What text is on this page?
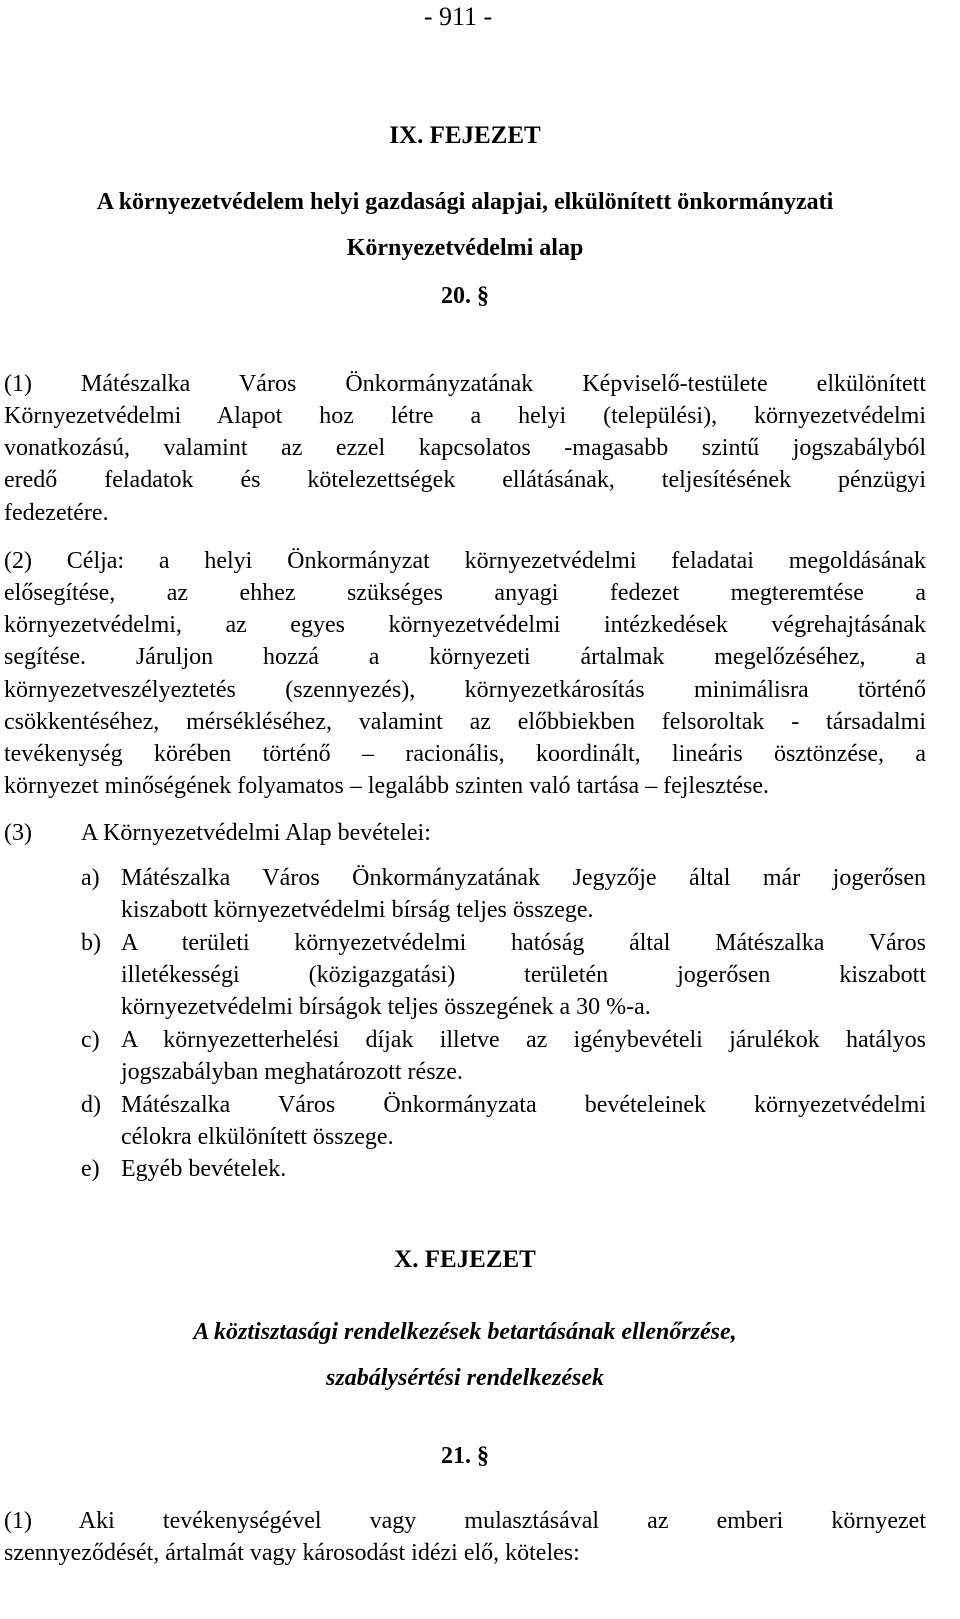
- 911 -
IX. FEJEZET
A környezetvédelem helyi gazdasági alapjai, elkülönített önkormányzati
Környezetvédelmi alap
20. §
(1) Mátészalka Város Önkormányzatának Képviselő-testülete elkülönített
Környezetvédelmi Alapot hoz létre a helyi (települési), környezetvédelmi
vonatkozású, valamint az ezzel kapcsolatos -magasabb szintű jogszabályból
eredő feladatok és kötelezettségek ellátásának, teljesítésének pénzügyi
fedezetére.
(2) Célja: a helyi Önkormányzat környezetvédelmi feladatai megoldásának
elősegítése, az ehhez szükséges anyagi fedezet megteremtése a
környezetvédelmi, az egyes környezetvédelmi intézkedések végrehajtásának
segítése. Járuljon hozzá a környezeti ártalmak megelőzéséhez, a
környezetveszélyeztetés (szennyezés), környezetkárosítás minimálisra történő
csökkentéséhez, mérsékléséhez, valamint az előbbiekben felsoroltak - társadalmi
tevékenység körében történő – racionális, koordinált, lineáris ösztönzése, a
környezet minőségének folyamatos – legalább szinten való tartása – fejlesztése.
(3) A Környezetvédelmi Alap bevételei:
a) Mátészalka Város Önkormányzatának Jegyzője által már jogerősen
kiszabott környezetvédelmi bírság teljes összege.
b) A területi környezetvédelmi hatóság által Mátészalka Város
illetékességi (közigazgatási) területén jogerősen kiszabott
környezetvédelmi bírságok teljes összegének a 30 %-a.
c) A környezetterhelési díjak illetve az igénybevételi járulékok hatályos
jogszabályban meghatározott része.
d) Mátészalka Város Önkormányzata bevételeinek környezetvédelmi
célokra elkülönített összege.
e) Egyéb bevételek.
X. FEJEZET
A köztisztasági rendelkezések betartásának ellenőrzése,
szabálysértési rendelkezések
21. §
(1) Aki tevékenységével vagy mulasztásával az emberi környezet
szennyeződését, ártalmát vagy károsodást idézi elő, köteles:
